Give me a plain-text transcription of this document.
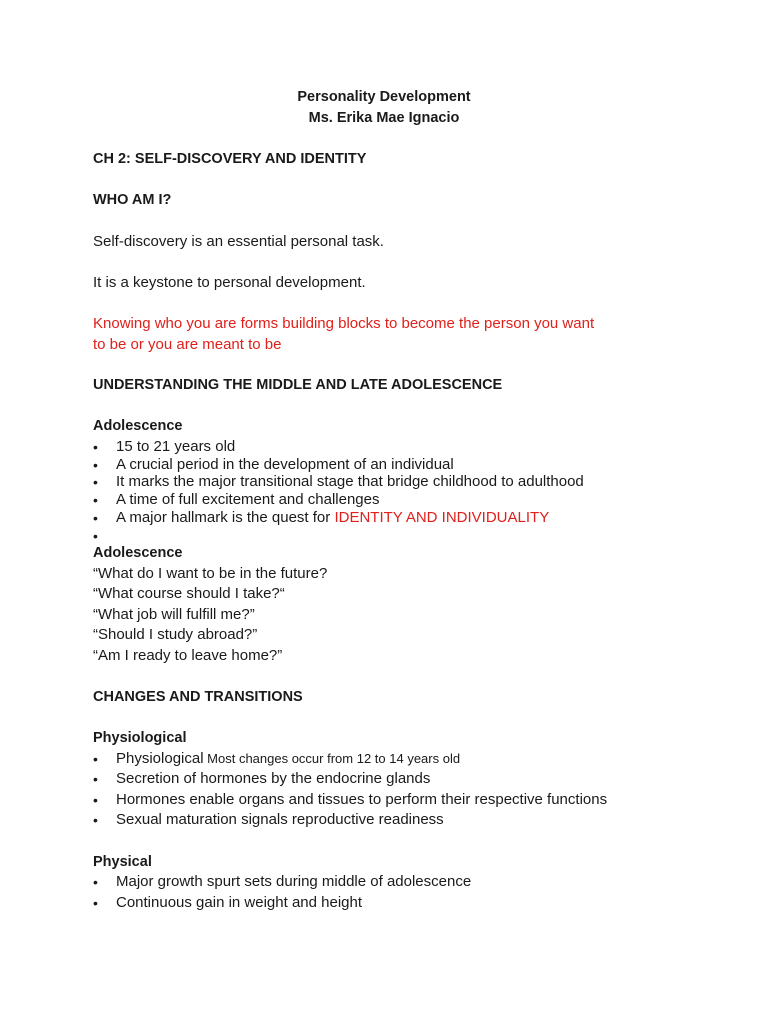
Personality Development
Ms. Erika Mae Ignacio
CH 2: SELF-DISCOVERY AND IDENTITY
WHO AM I?
Self-discovery is an essential personal task.
It is a keystone to personal development.
Knowing who you are forms building blocks to become the person you want
to be or you are meant to be
UNDERSTANDING THE MIDDLE AND LATE ADOLESCENCE
Adolescence
• 15 to 21 years old
• A crucial period in the development of an individual
• It marks the major transitional stage that bridge childhood to adulthood
• A time of full excitement and challenges
• A major hallmark is the quest for IDENTITY AND INDIVIDUALITY
•
Adolescence
“What do I want to be in the future?
“What course should I take?“
“What job will fulfill me?”
“Should I study abroad?”
“Am I ready to leave home?”
CHANGES AND TRANSITIONS
Physiological
• Physiological Most changes occur from 12 to 14 years old
• Secretion of hormones by the endocrine glands
• Hormones enable organs and tissues to perform their respective functions
• Sexual maturation signals reproductive readiness
Physical
• Major growth spurt sets during middle of adolescence
• Continuous gain in weight and height
